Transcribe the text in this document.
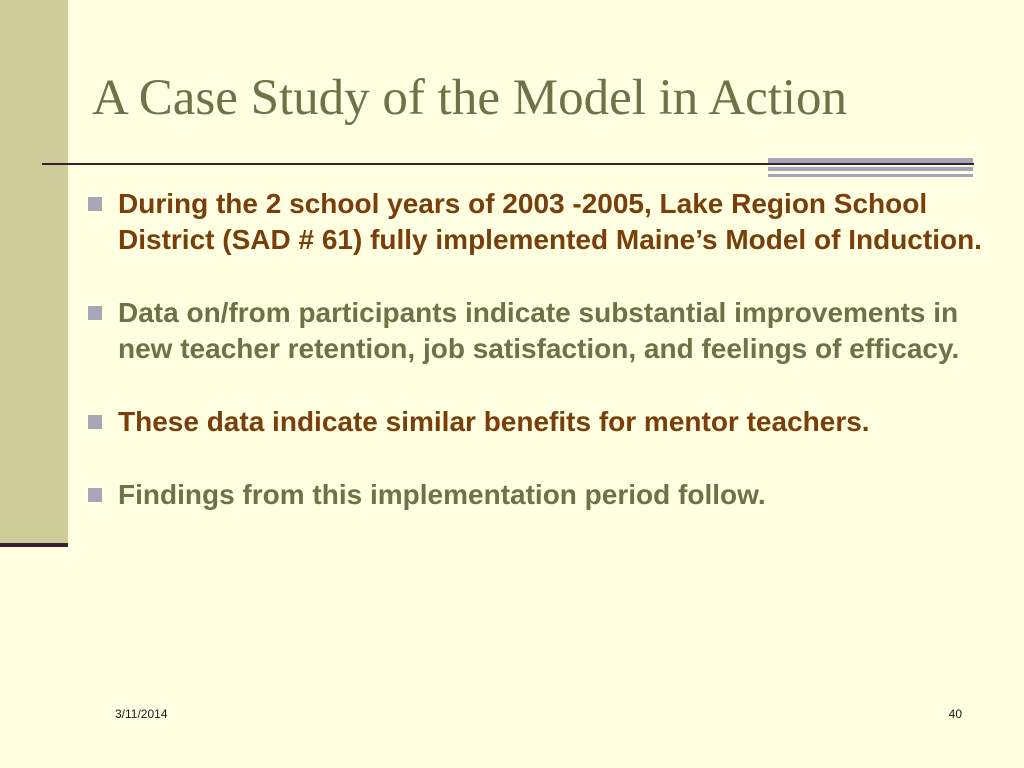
A Case Study of the Model in Action
During the 2 school years of 2003 -2005, Lake Region School District (SAD # 61) fully implemented Maine’s Model of Induction.
Data on/from participants indicate substantial improvements in new teacher retention, job satisfaction, and feelings of efficacy.
These data indicate similar benefits for mentor teachers.
Findings from this implementation period follow.
3/11/2014	40
